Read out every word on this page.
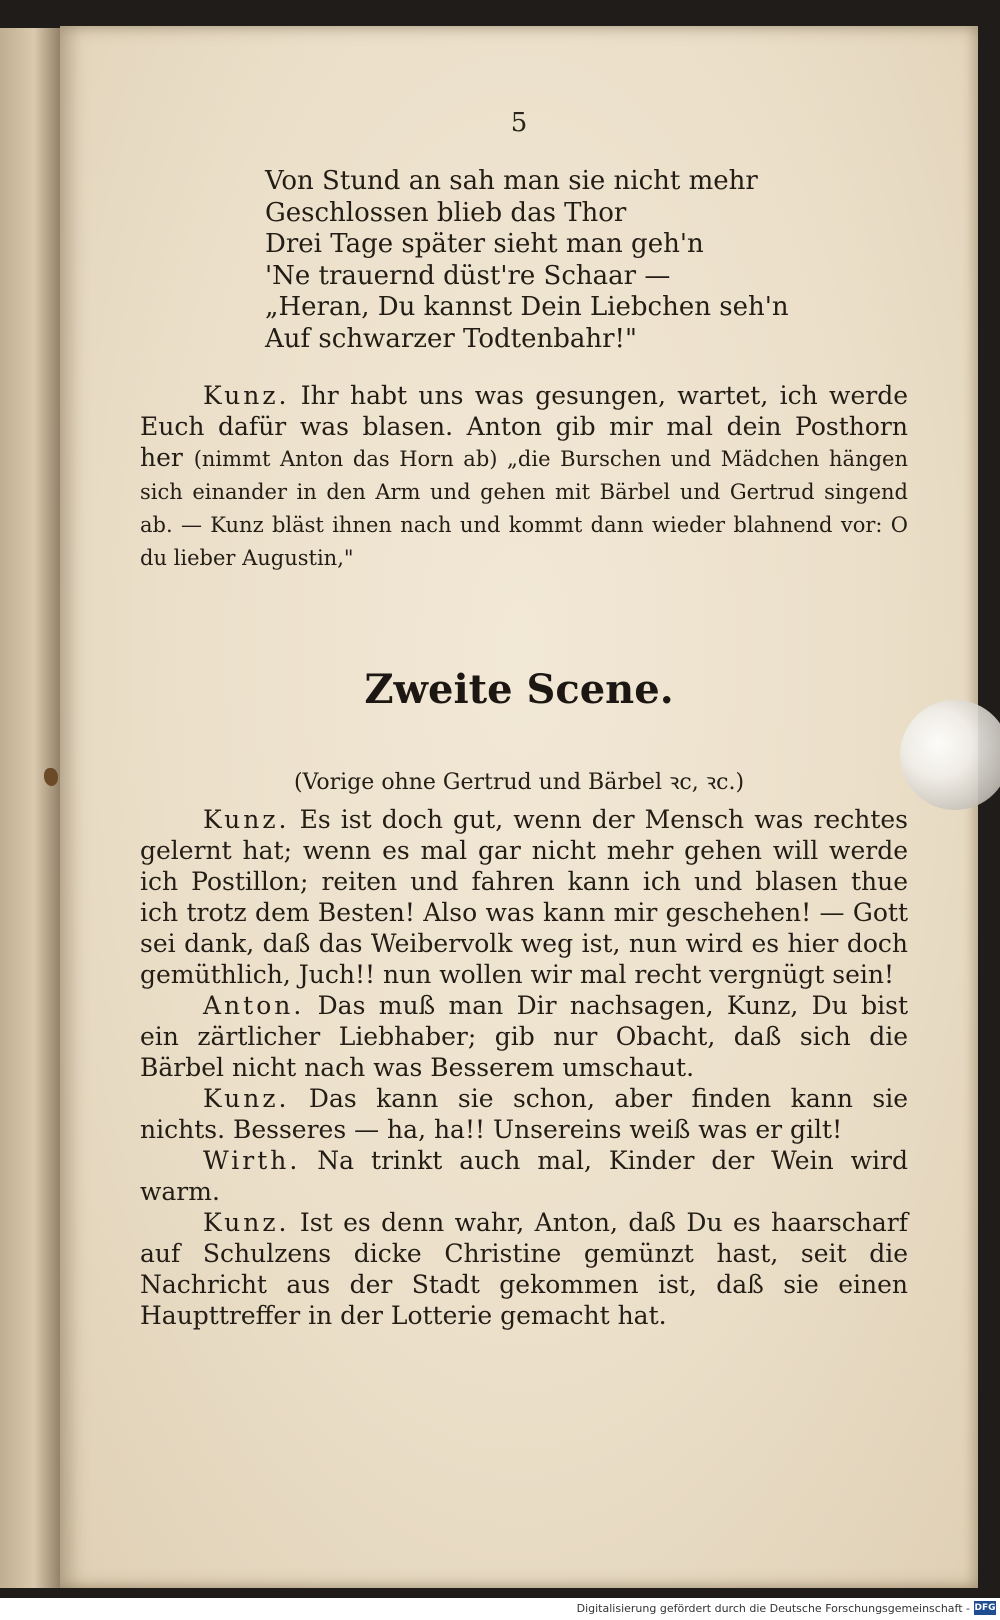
5
Von Stund an sah man sie nicht mehr
Geschlossen blieb das Thor
Drei Tage später sieht man geh'n
'Ne trauernd düst're Schaar —
„Heran, Du kannst Dein Liebchen seh'n
Auf schwarzer Todtenbahr!"
Kunz. Ihr habt uns was gesungen, wartet, ich werde Euch dafür was blasen. Anton gib mir mal dein Posthorn her (nimmt Anton das Horn ab) „die Burschen und Mädchen hängen sich einander in den Arm und gehen mit Bärbel und Gertrud singend ab. — Kunz bläst ihnen nach und kommt dann wieder blahnend vor: O du lieber Augustin,"
Zweite Scene.
(Vorige ohne Gertrud und Bärbel ꝛc, ꝛc.)
Kunz. Es ist doch gut, wenn der Mensch was rechtes gelernt hat; wenn es mal gar nicht mehr gehen will werde ich Postillon; reiten und fahren kann ich und blasen thue ich trotz dem Besten! Also was kann mir geschehen! — Gott sei dank, daß das Weibervolk weg ist, nun wird es hier doch gemüthlich, Juch!! nun wollen wir mal recht vergnügt sein!
Anton. Das muß man Dir nachsagen, Kunz, Du bist ein zärtlicher Liebhaber; gib nur Obacht, daß sich die Bärbel nicht nach was Besserem umschaut.
Kunz. Das kann sie schon, aber finden kann sie nichts. Besseres — ha, ha!! Unsereins weiß was er gilt!
Wirth. Na trinkt auch mal, Kinder der Wein wird warm.
Kunz. Ist es denn wahr, Anton, daß Du es haarscharf auf Schulzens dicke Christine gemünzt hast, seit die Nachricht aus der Stadt gekommen ist, daß sie einen Haupttreffer in der Lotterie gemacht hat.
Digitalisierung gefördert durch die Deutsche Forschungsgemeinschaft - DFG
